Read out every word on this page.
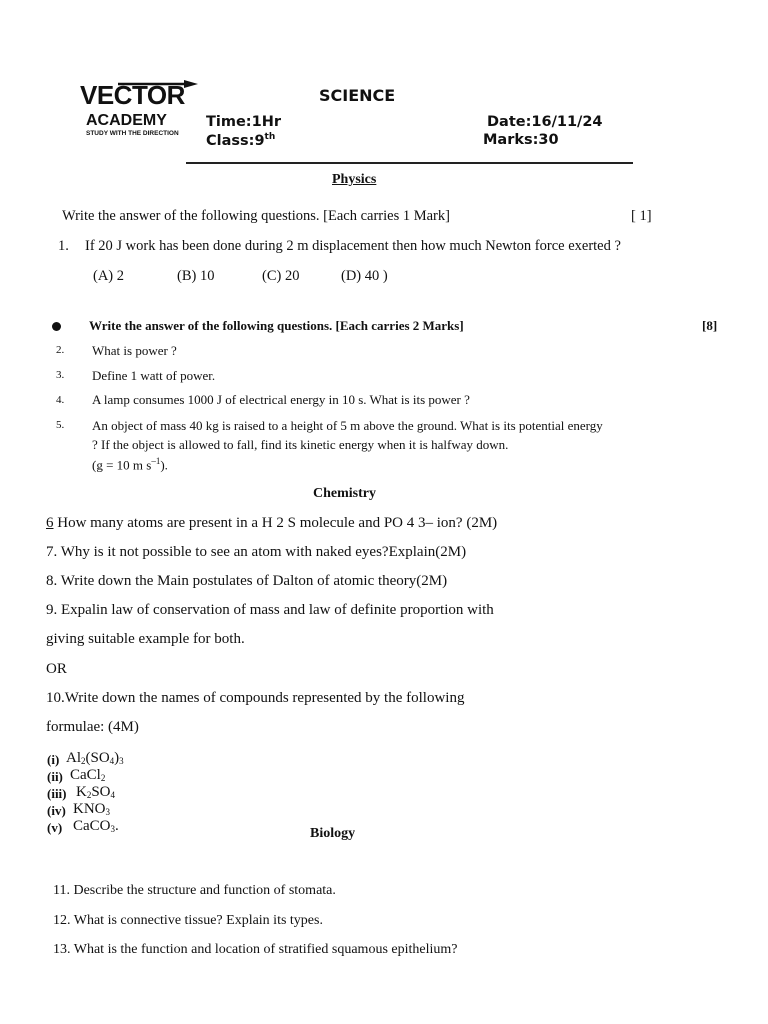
VECTOR
ACADEMY
STUDY WITH THE DIRECTION
SCIENCE
Time:1Hr	Date:16/11/24
Class:9th	Marks:30
Physics
Write the answer of the following questions. [Each carries 1 Mark]	[ 1]
1. If 20 J work has been done during 2 m displacement then how much Newton force exerted ?
(A) 2	(B) 10	(C) 20	(D) 40 )
Write the answer of the following questions. [Each carries 2 Marks]	[8]
2. What is power ?
3. Define 1 watt of power.
4. A lamp consumes 1000 J of electrical energy in 10 s. What is its power ?
5. An object of mass 40 kg is raised to a height of 5 m above the ground. What is its potential energy
? If the object is allowed to fall, find its kinetic energy when it is halfway down.
(g = 10 m $s^{-1}$).
Chemistry
6 How many atoms are present in a H 2 S molecule and PO 4 3– ion? (2M)
7. Why is it not possible to see an atom with naked eyes?Explain(2M)
8. Write down the Main postulates of Dalton of atomic theory(2M)
9. Expalin law of conservation of mass and law of definite proportion with
giving suitable example for both.
OR
10.Write down the names of compounds represented by the following
formulae: (4M)
(i) $Al_2(SO_4)_3$
(ii) CaCl$_2$
(iii) $K_2SO_4$
(iv) $KNO_3$
(v) CaCO$_3$.	Biology
11. Describe the structure and function of stomata.
12. What is connective tissue? Explain its types.
13. What is the function and location of stratified squamous epithelium?
